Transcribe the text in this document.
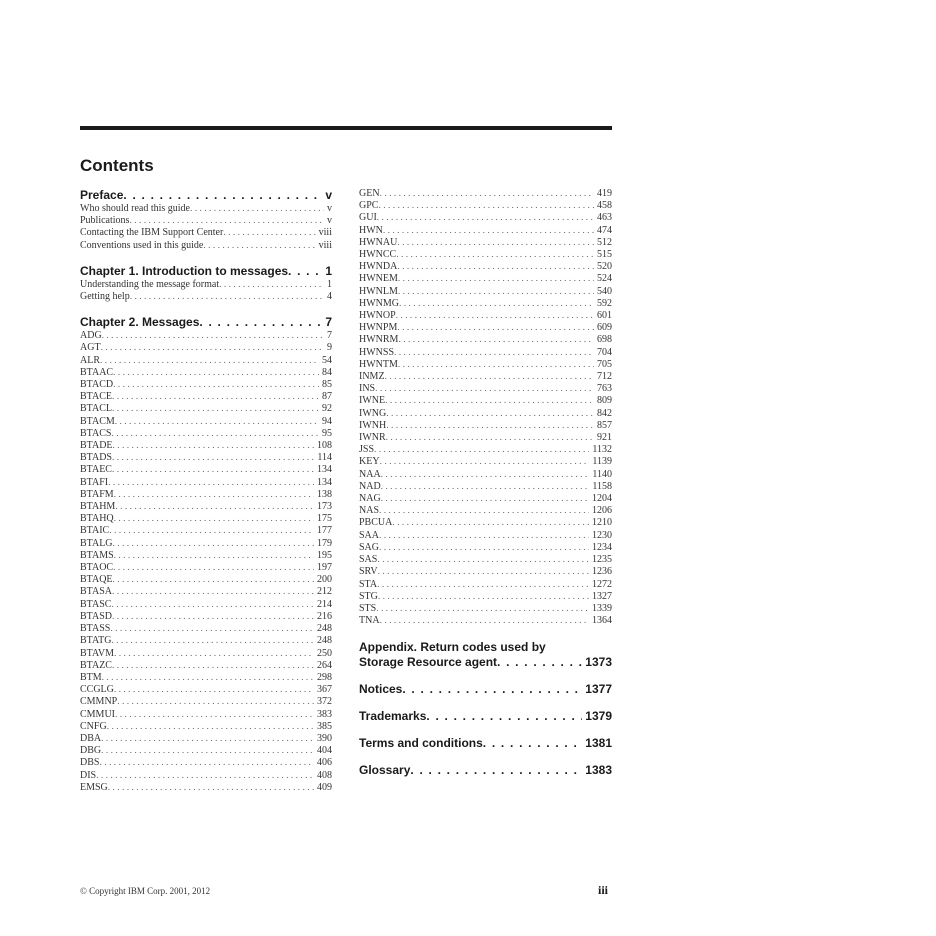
Contents
Preface . . .	v
Who should read this guide . . .	v
Publications . . .	v
Contacting the IBM Support Center . . .	viii
Conventions used in this guide . . .	viii
Chapter 1. Introduction to messages . . .	1
Understanding the message format . . .	1
Getting help . . .	4
Chapter 2. Messages . . .	7
ADG . . .	7
AGT . . .	9
ALR . . .	54
BTAAC . . .	84
BTACD . . .	85
BTACE . . .	87
BTACL . . .	92
BTACM . . .	94
BTACS . . .	95
BTADE . . .	108
BTADS . . .	114
BTAEC . . .	134
BTAFI . . .	134
BTAFM . . .	138
BTAHM . . .	173
BTAHQ . . .	175
BTAIC . . .	177
BTALG . . .	179
BTAMS . . .	195
BTAOC . . .	197
BTAQE . . .	200
BTASA . . .	212
BTASC . . .	214
BTASD . . .	216
BTASS . . .	248
BTATG . . .	248
BTAVM . . .	250
BTAZC . . .	264
BTM . . .	298
CCGLG . . .	367
CMMNP . . .	372
CMMUI . . .	383
CNFG . . .	385
DBA . . .	390
DBG . . .	404
DBS . . .	406
DIS . . .	408
EMSG . . .	409
GEN . . .	419
GPC . . .	458
GUI . . .	463
HWN . . .	474
HWNAU . . .	512
HWNCC . . .	515
HWNDA . . .	520
HWNEM . . .	524
HWNLM . . .	540
HWNMG . . .	592
HWNOP . . .	601
HWNPM . . .	609
HWNRM . . .	698
HWNSS . . .	704
HWNTM . . .	705
INMZ . . .	712
INS . . .	763
IWNE . . .	809
IWNG . . .	842
IWNH . . .	857
IWNR . . .	921
JSS . . .	1132
KEY . . .	1139
NAA . . .	1140
NAD . . .	1158
NAG . . .	1204
NAS . . .	1206
PBCUA . . .	1210
SAA . . .	1230
SAG . . .	1234
SAS . . .	1235
SRV . . .	1236
STA . . .	1272
STG . . .	1327
STS . . .	1339
TNA . . .	1364
Appendix. Return codes used by
Storage Resource agent . . .	1373
Notices . . .	1377
Trademarks . . .	1379
Terms and conditions . . .	1381
Glossary . . .	1383
© Copyright IBM Corp. 2001, 2012	iii
